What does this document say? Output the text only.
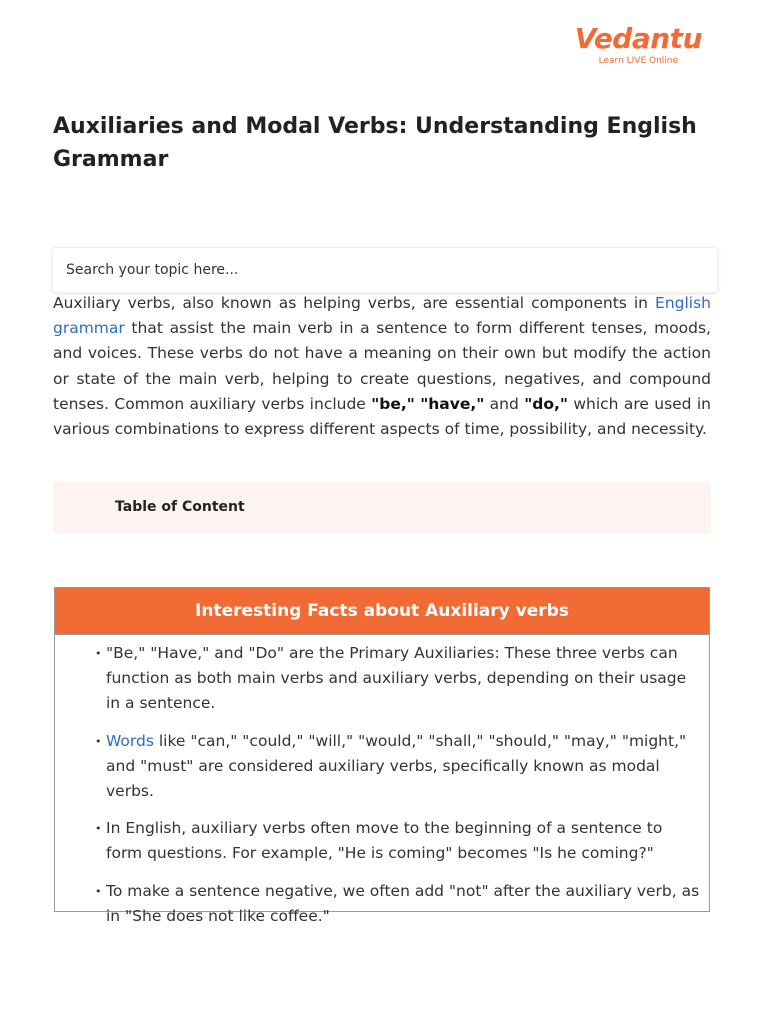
Vedantu
Learn LIVE Online
Auxiliaries and Modal Verbs: Understanding English Grammar
Search your topic here...

Auxiliary verbs, also known as helping verbs, are essential components in English grammar that assist the main verb in a sentence to form different tenses, moods, and voices. These verbs do not have a meaning on their own but modify the action or state of the main verb, helping to create questions, negatives, and compound tenses. Common auxiliary verbs include "be," "have," and "do," which are used in various combinations to express different aspects of time, possibility, and necessity.

Table of Content
Interesting Facts about Auxiliary verbs
• "Be," "Have," and "Do" are the Primary Auxiliaries: These three verbs can function as both main verbs and auxiliary verbs, depending on their usage in a sentence.
• Words like "can," "could," "will," "would," "shall," "should," "may," "might," and "must" are considered auxiliary verbs, specifically known as modal verbs.
• In English, auxiliary verbs often move to the beginning of a sentence to form questions. For example, "He is coming" becomes "Is he coming?"
• To make a sentence negative, we often add "not" after the auxiliary verb, as in "She does not like coffee."
